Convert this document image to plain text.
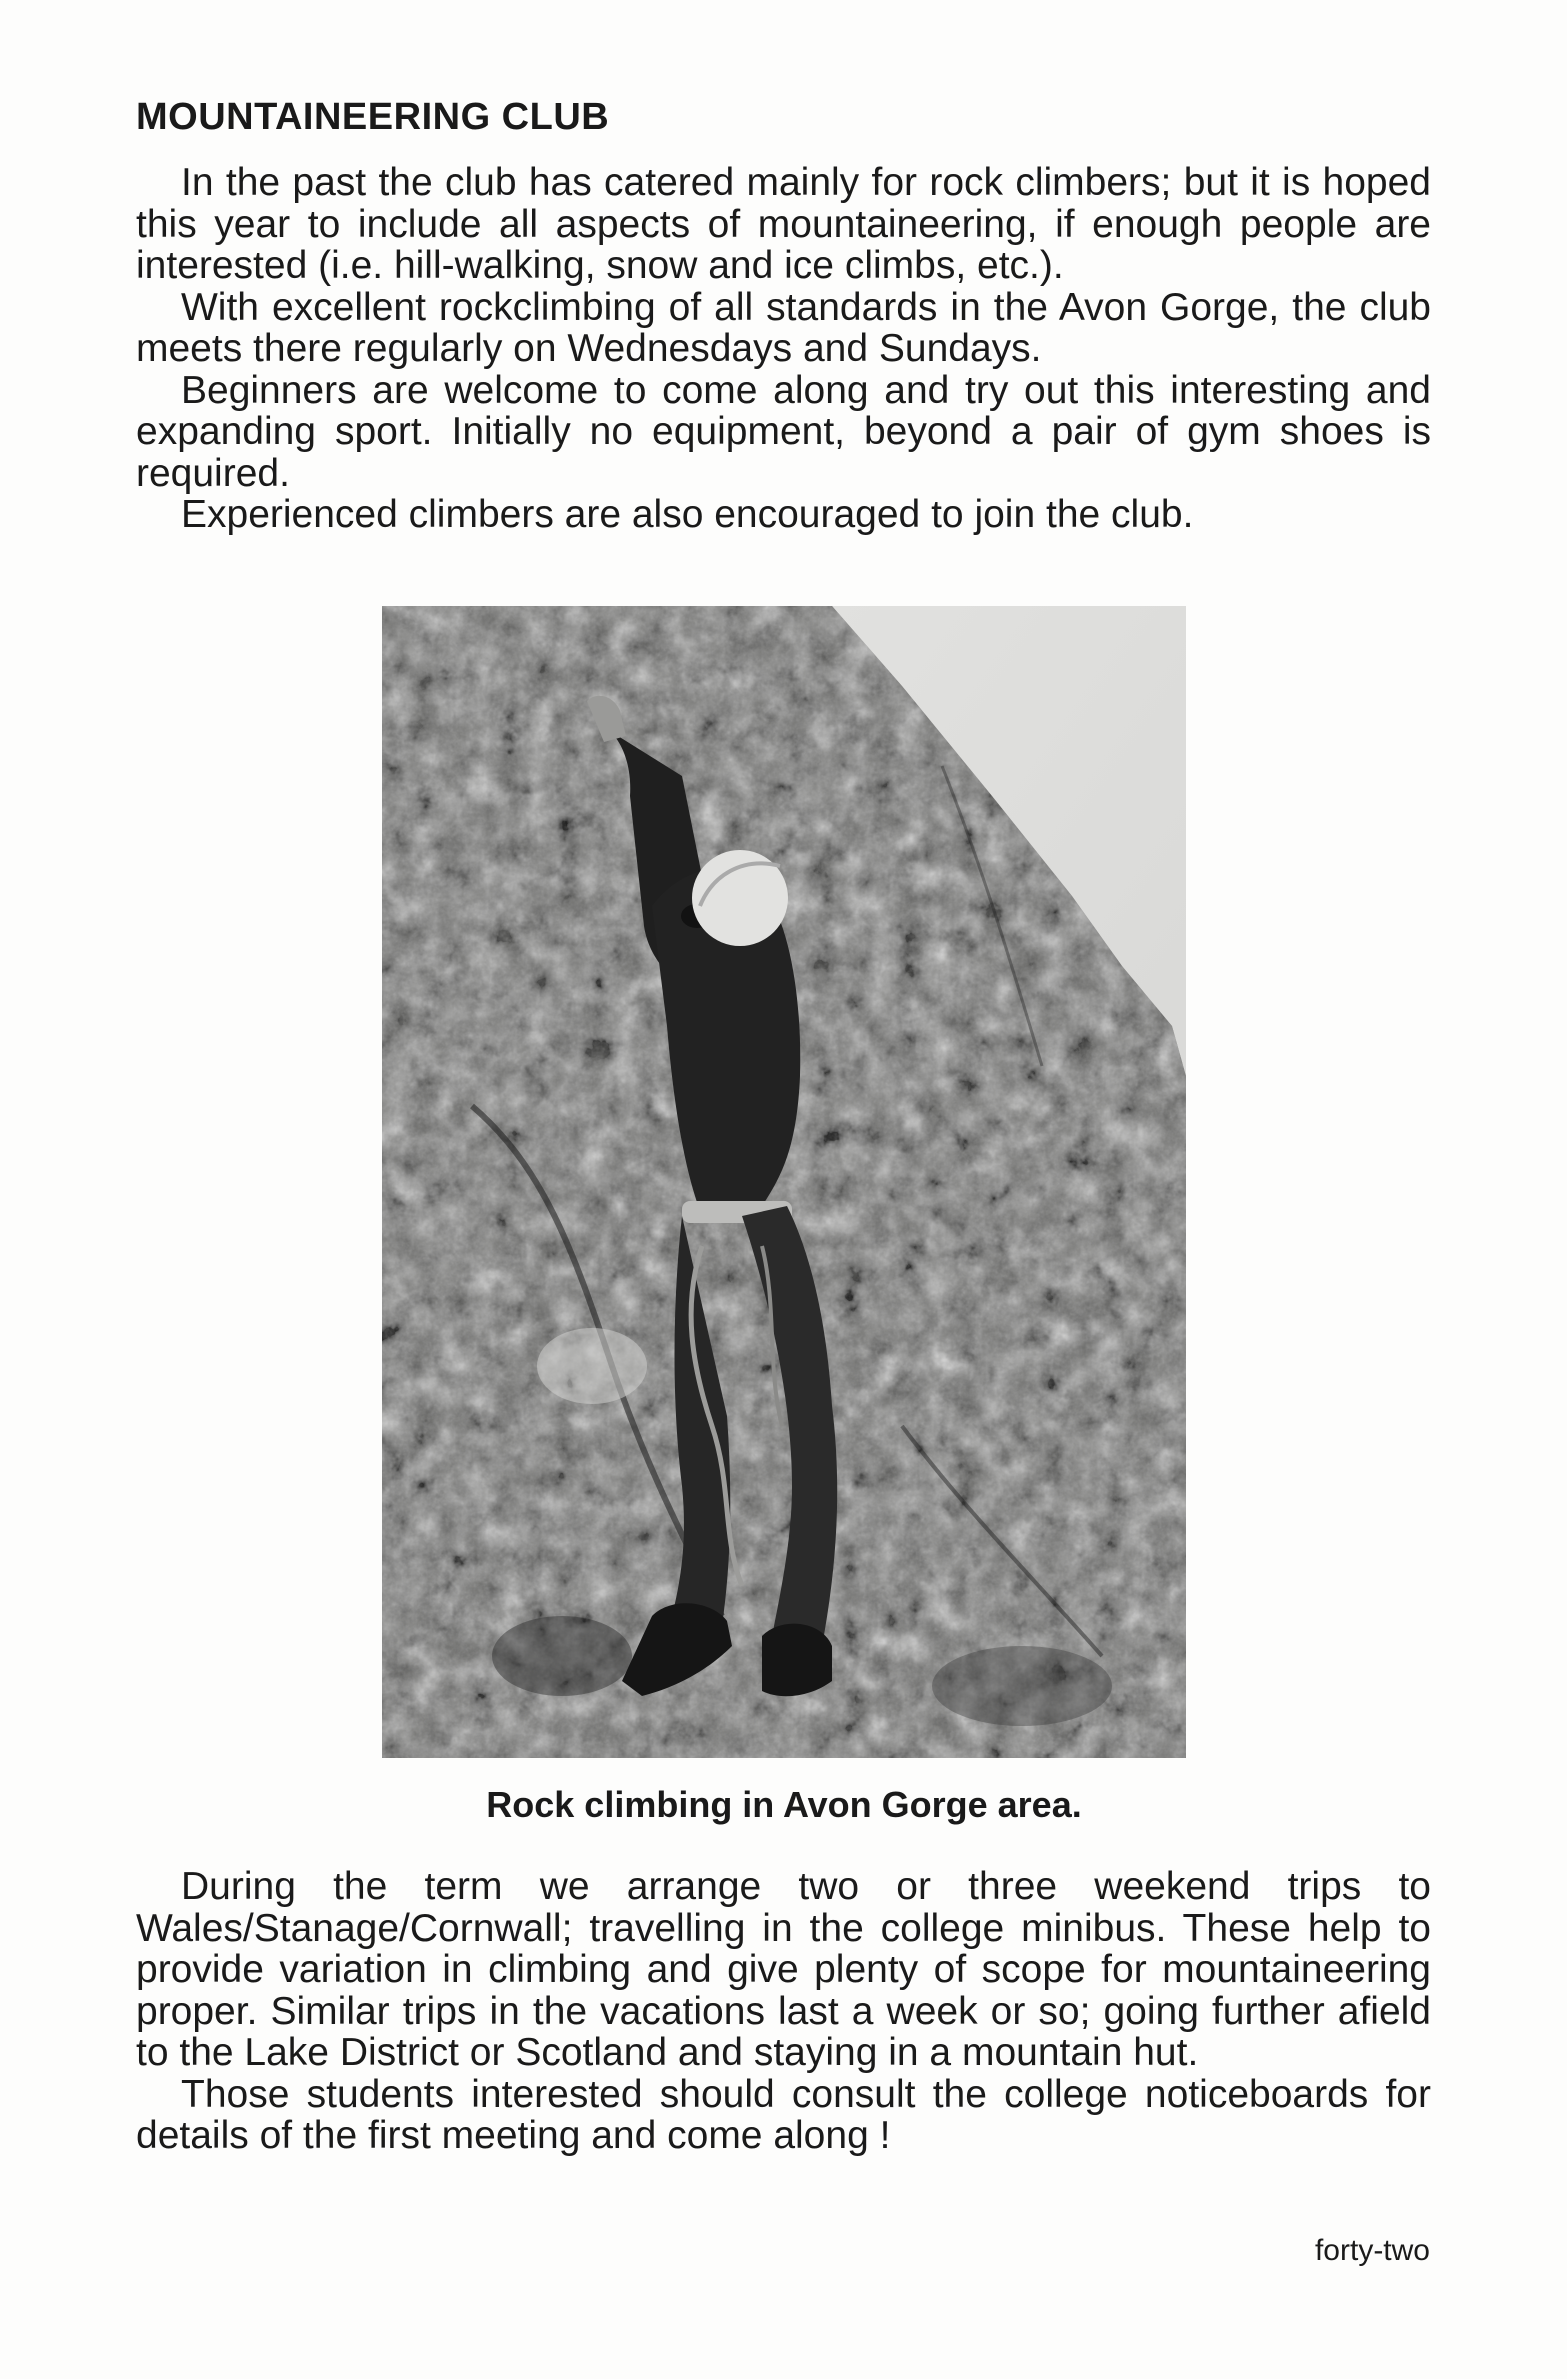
MOUNTAINEERING CLUB

In the past the club has catered mainly for rock climbers; but it is hoped this year to include all aspects of mountaineering, if enough people are interested (i.e. hill-walking, snow and ice climbs, etc.).

With excellent rockclimbing of all standards in the Avon Gorge, the club meets there regularly on Wednesdays and Sundays.

Beginners are welcome to come along and try out this interesting and expanding sport. Initially no equipment, beyond a pair of gym shoes is required.

Experienced climbers are also encouraged to join the club.

Rock climbing in Avon Gorge area.

During the term we arrange two or three weekend trips to Wales/Stanage/Cornwall; travelling in the college minibus. These help to provide variation in climbing and give plenty of scope for mountaineering proper. Similar trips in the vacations last a week or so; going further afield to the Lake District or Scotland and staying in a mountain hut.

Those students interested should consult the college noticeboards for details of the first meeting and come along !

forty-two
